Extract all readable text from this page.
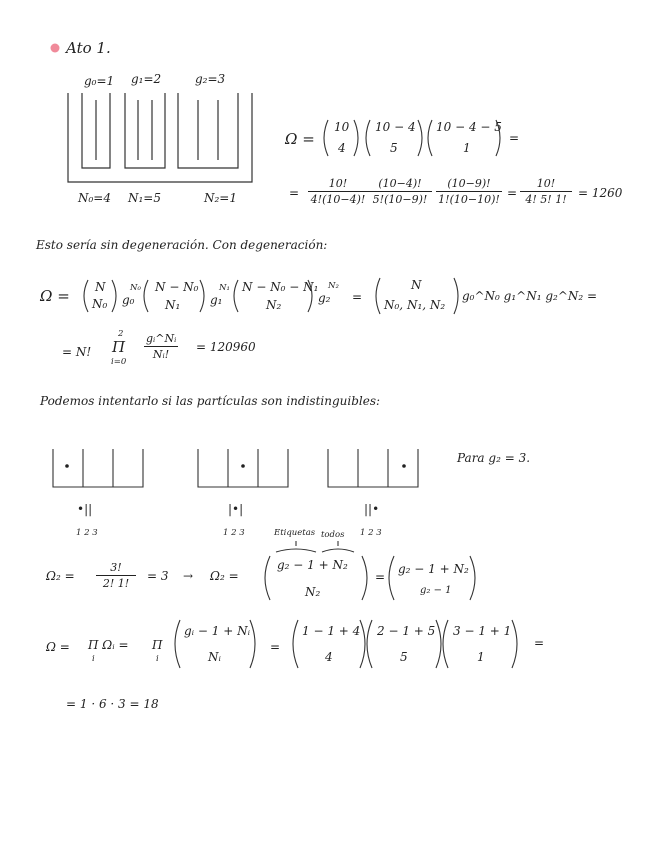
Ato 1.
g₀=1 g₁=2	g₂=3
N₀=4 N₁=5	N₂=1
Ω =
10
4
10 − 4
5
10 − 4 − 5
1
=
= $\frac{10!}{4!(10-4)!} \frac{(10-4)!}{5!(10-9)!} \frac{(10-9)!}{1!(10-10)!} = \frac{10!}{4! 5! 1!} = 1260$
Esto sería sin degeneración. Con degeneración:
Ω = N
N₀ g₀
N₀ N − N₀
N₁ g₁
N₁ N − N₀ − N₁
N₂	g₂
N₂
=
N
N₀, N₁, N₂
g₀^N₀ g₁^N₁ g₂^N₂ =
= N!
2
Π
i=0
$\frac{\text{gᵢ\textasciicircum{}Nᵢ}}{\text{Nᵢ!}} = 120960$
Podemos intentarlo si las partículas son indistinguibles:
Para g₂ = 3.
•||
1 2 3
|•|
1 2 3
||•
1 2 3
$\Omega_2 = \frac{3!}{2! 1!} = 3 \to \Omega_2$ =
Etiquetas todos
g₂ − 1 + N₂
N₂
=
g₂ − 1 + N₂
g₂ − 1
Ω = Π Ωᵢ =
i
Π
i
gᵢ − 1 + Nᵢ
Nᵢ
=
1 − 1 + 4
4
2 − 1 + 5
5
3 − 1 + 1
1
=
= 1 · 6 · 3 = 18
